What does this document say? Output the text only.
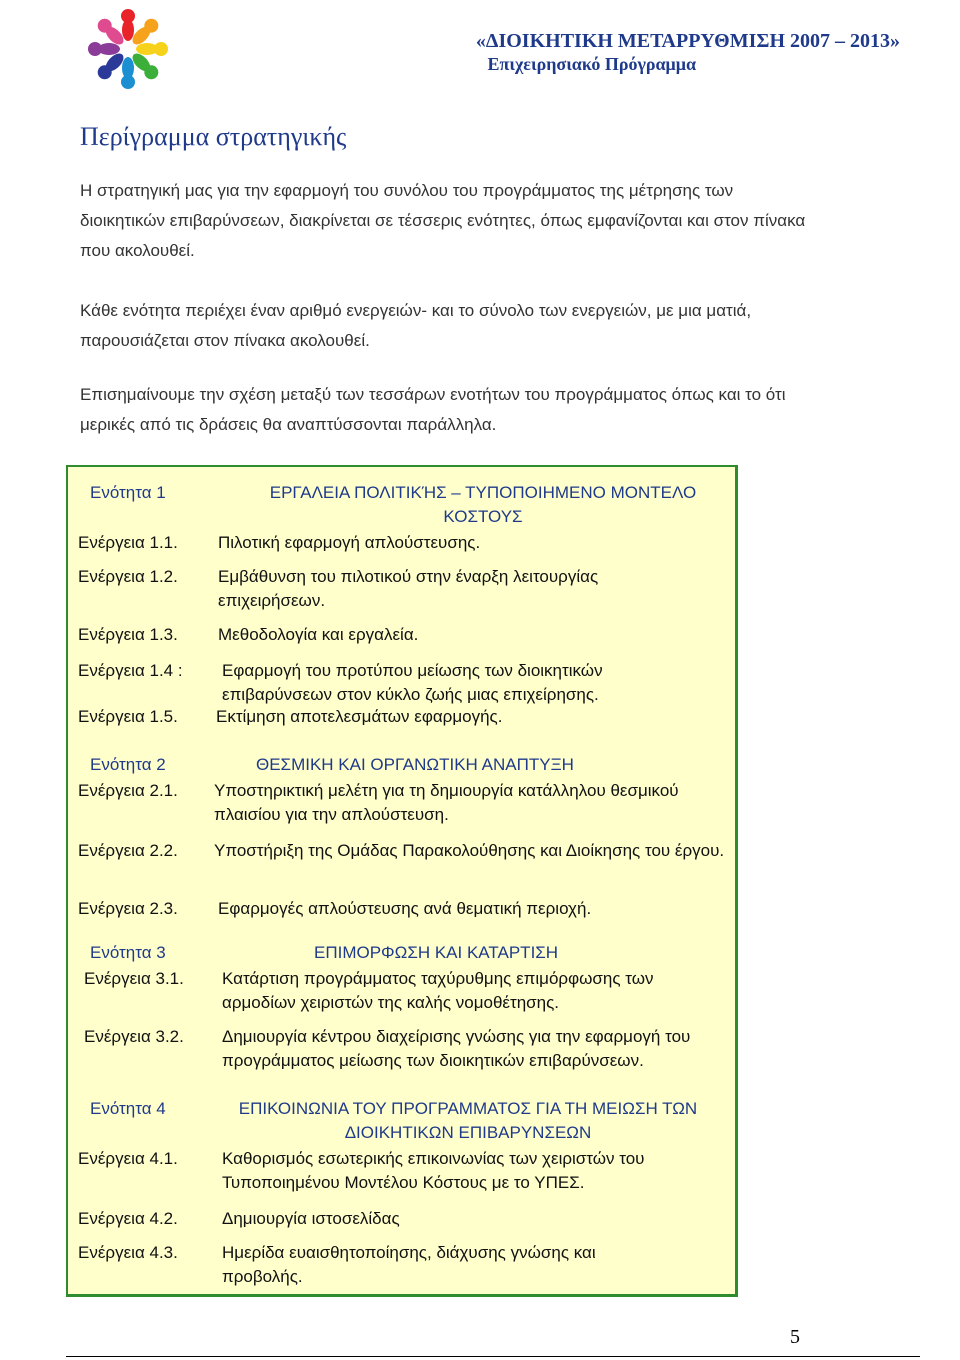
«ΔΙΟΙΚΗΤΙΚΗ ΜΕΤΑΡΡΥΘΜΙΣΗ 2007 – 2013»
Επιχειρησιακό Πρόγραμμα
Περίγραμμα στρατηγικής

Η στρατηγική μας για την εφαρμογή του συνόλου του προγράμματος της μέτρησης των διοικητικών επιβαρύνσεων, διακρίνεται σε τέσσερις ενότητες, όπως εμφανίζονται και στον πίνακα που ακολουθεί.

Κάθε ενότητα περιέχει έναν αριθμό ενεργειών- και το σύνολο των ενεργειών, με μια ματιά, παρουσιάζεται στον πίνακα ακολουθεί.

Επισημαίνουμε την σχέση μεταξύ των τεσσάρων ενοτήτων του προγράμματος όπως και το ότι μερικές από τις δράσεις θα αναπτύσσονται παράλληλα.

Ενότητα 1	ΕΡΓΑΛΕΙΑ ΠΟΛΙΤΙΚΉΣ – ΤΥΠΟΠΟΙΗΜΕΝΟ ΜΟΝΤΕΛΟ ΚΟΣΤΟΥΣ
Ενέργεια 1.1. Πιλοτική εφαρμογή απλούστευσης.
Ενέργεια 1.2. Εμβάθυνση του πιλοτικού στην έναρξη λειτουργίας επιχειρήσεων.
Ενέργεια 1.3. Μεθοδολογία και εργαλεία.
Ενέργεια 1.4 : Εφαρμογή του προτύπου μείωσης των διοικητικών επιβαρύνσεων στον κύκλο ζωής μιας επιχείρησης.
Ενέργεια 1.5. Εκτίμηση αποτελεσμάτων εφαρμογής.
Ενότητα 2	ΘΕΣΜΙΚΗ ΚΑΙ ΟΡΓΑΝΩΤΙΚΗ ΑΝΑΠΤΥΞΗ
Ενέργεια 2.1. Υποστηρικτική μελέτη για τη δημιουργία κατάλληλου θεσμικού πλαισίου για την απλούστευση.
Ενέργεια 2.2. Υποστήριξη της Ομάδας Παρακολούθησης και Διοίκησης του έργου.
Ενέργεια 2.3. Εφαρμογές απλούστευσης ανά θεματική περιοχή.
Ενότητα 3	ΕΠΙΜΟΡΦΩΣΗ ΚΑΙ ΚΑΤΑΡΤΙΣΗ
Ενέργεια 3.1. Κατάρτιση προγράμματος ταχύρυθμης επιμόρφωσης των αρμοδίων χειριστών της καλής νομοθέτησης.
Ενέργεια 3.2. Δημιουργία κέντρου διαχείρισης γνώσης για την εφαρμογή του προγράμματος μείωσης των διοικητικών επιβαρύνσεων.
Ενότητα 4	ΕΠΙΚΟΙΝΩΝΙΑ ΤΟΥ ΠΡΟΓΡΑΜΜΑΤΟΣ ΓΙΑ ΤΗ ΜΕΙΩΣΗ ΤΩΝ ΔΙΟΙΚΗΤΙΚΩΝ ΕΠΙΒΑΡΥΝΣΕΩΝ
Ενέργεια 4.1.	Καθορισμός εσωτερικής επικοινωνίας των χειριστών του Τυποποιημένου Μοντέλου Κόστους με το ΥΠΕΣ.
Ενέργεια 4.2.	Δημιουργία ιστοσελίδας
Ενέργεια 4.3.	Ημερίδα ευαισθητοποίησης, διάχυσης γνώσης και προβολής.
5
